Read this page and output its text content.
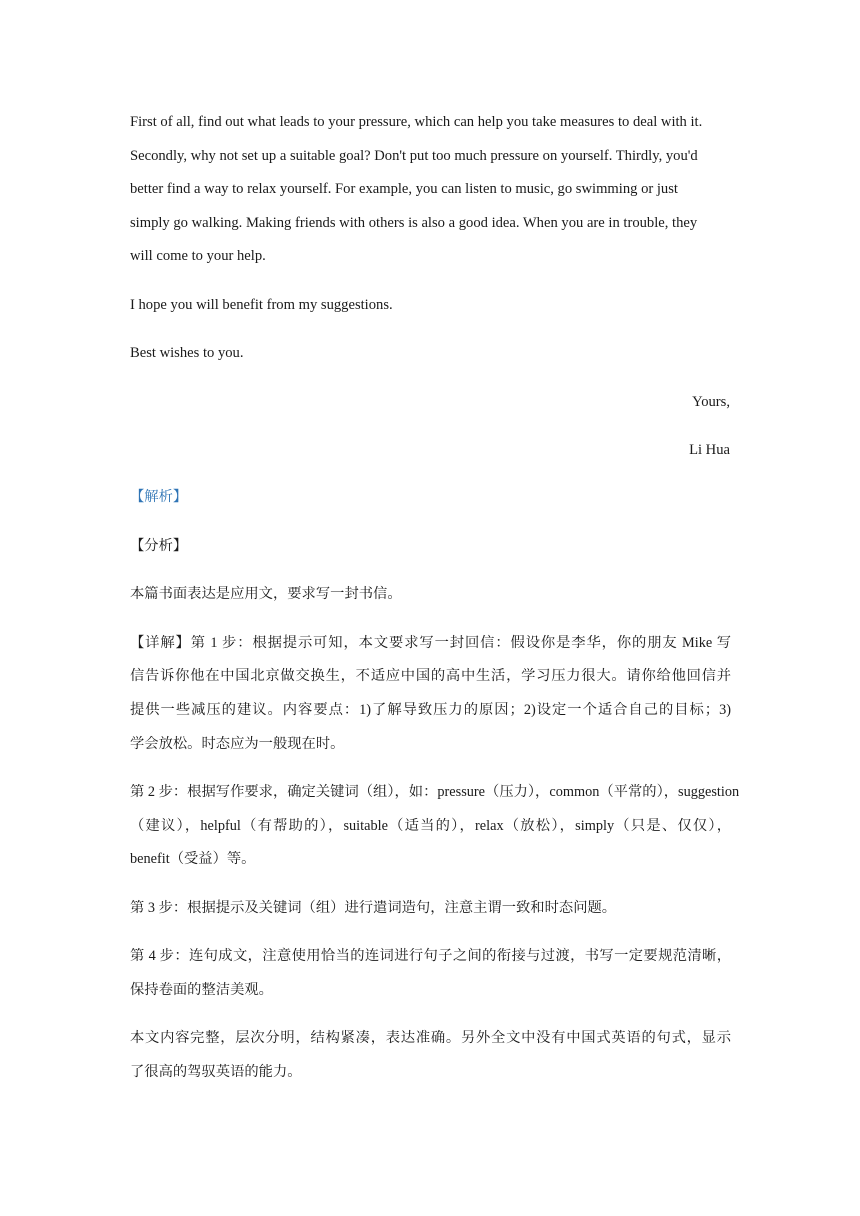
First of all, find out what leads to your pressure, which can help you take measures to deal with it.
Secondly, why not set up a suitable goal? Don't put too much pressure on yourself. Thirdly, you'd
better find a way to relax yourself. For example, you can listen to music, go swimming or just
simply go walking. Making friends with others is also a good idea. When you are in trouble, they
will come to your help.
I hope you will benefit from my suggestions.
Best wishes to you.
Yours,
Li Hua
【解析】
【分析】
本篇书面表达是应用文，要求写一封书信。
【详解】第 1 步：根据提示可知，本文要求写一封回信：假设你是李华，你的朋友 Mike 写
信告诉你他在中国北京做交换生，不适应中国的高中生活，学习压力很大。请你给他回信并
提供一些减压的建议。内容要点：1)了解导致压力的原因；2)设定一个适合自己的目标；3)
学会放松。时态应为一般现在时。
第 2 步：根据写作要求，确定关键词（组），如：pressure（压力），common（平常的），suggestion
（建议），helpful（有帮助的），suitable（适当的），relax（放松），simply（只是、仅仅），
benefit（受益）等。
第 3 步：根据提示及关键词（组）进行遣词造句，注意主谓一致和时态问题。
第 4 步：连句成文，注意使用恰当的连词进行句子之间的衔接与过渡，书写一定要规范清晰，
保持卷面的整洁美观。
本文内容完整，层次分明，结构紧凑，表达准确。另外全文中没有中国式英语的句式，显示
了很高的驾驭英语的能力。
